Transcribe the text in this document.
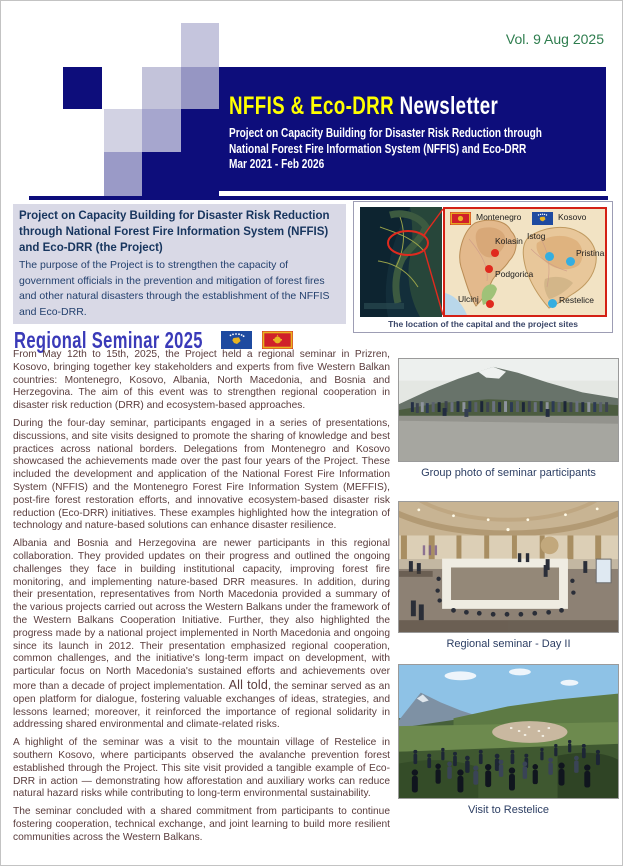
Vol. 9 Aug 2025
NFFIS & Eco-DRR Newsletter
Project on Capacity Building for Disaster Risk Reduction through
National Forest Fire Information System (NFFIS) and Eco-DRR
Mar 2021 - Feb 2026

Project on Capacity Building for Disaster Risk Reduction through National Forest Fire Information System (NFFIS) and Eco-DRR (the Project)

The purpose of the Project is to strengthen the capacity of government officials in the prevention and mitigation of forest fires and other natural disasters through the establishment of the NFFIS and Eco-DRR.

Montenegro	Kosovo
Kolasin Istog
Pristina
Podgorica
Ulcinj	Restelice
The location of the capital and the project sites
Regional Seminar 2025

From May 12th to 15th, 2025, the Project held a regional seminar in Prizren, Kosovo, bringing together key stakeholders and experts from five Western Balkan countries: Montenegro, Kosovo, Albania, North Macedonia, and Bosnia and Herzegovina. The aim of this event was to strengthen regional cooperation in disaster risk reduction (DRR) and ecosystem-based approaches.

During the four-day seminar, participants engaged in a series of presentations, discussions, and site visits designed to promote the sharing of knowledge and best practices across national borders. Delegations from Montenegro and Kosovo showcased the achievements made over the past four years of the Project. These included the development and application of the National Forest Fire Information System (NFFIS) and the Montenegro Forest Fire Information System (MEFFIS), post-fire forest restoration efforts, and innovative ecosystem-based disaster risk reduction (Eco-DRR) initiatives. These examples highlighted how the integration of technology and nature-based solutions can enhance disaster resilience.

Albania and Bosnia and Herzegovina are newer participants in this regional collaboration. They provided updates on their progress and outlined the ongoing challenges they face in building institutional capacity, improving forest fire monitoring, and implementing nature-based DRR measures. In addition, during their presentation, representatives from North Macedonia provided a summary of the various projects carried out across the Western Balkans under the framework of the Western Balkans Cooperation Initiative. Further, they also highlighted the progress made by a national project implemented in North Macedonia and ongoing since its launch in 2012. Their presentation emphasized regional cooperation, common challenges, and the initiative's long-term impact on development, with particular focus on North Macedonia's sustained efforts and achievements over more than a decade of project implementation. All told, the seminar served as an open platform for dialogue, fostering valuable exchanges of ideas, strategies, and lessons learned; moreover, it reinforced the importance of regional solidarity in addressing shared environmental and climate-related risks.

A highlight of the seminar was a visit to the mountain village of Restelice in southern Kosovo, where participants observed the avalanche prevention forest established through the Project. This site visit provided a tangible example of Eco-DRR in action — demonstrating how afforestation and auxiliary works can reduce natural hazard risks while contributing to long-term environmental sustainability.

The seminar concluded with a shared commitment from participants to continue fostering cooperation, technical exchange, and joint learning to build more resilient communities across the Western Balkans.

Group photo of seminar participants
Regional seminar - Day II
Visit to Restelice
